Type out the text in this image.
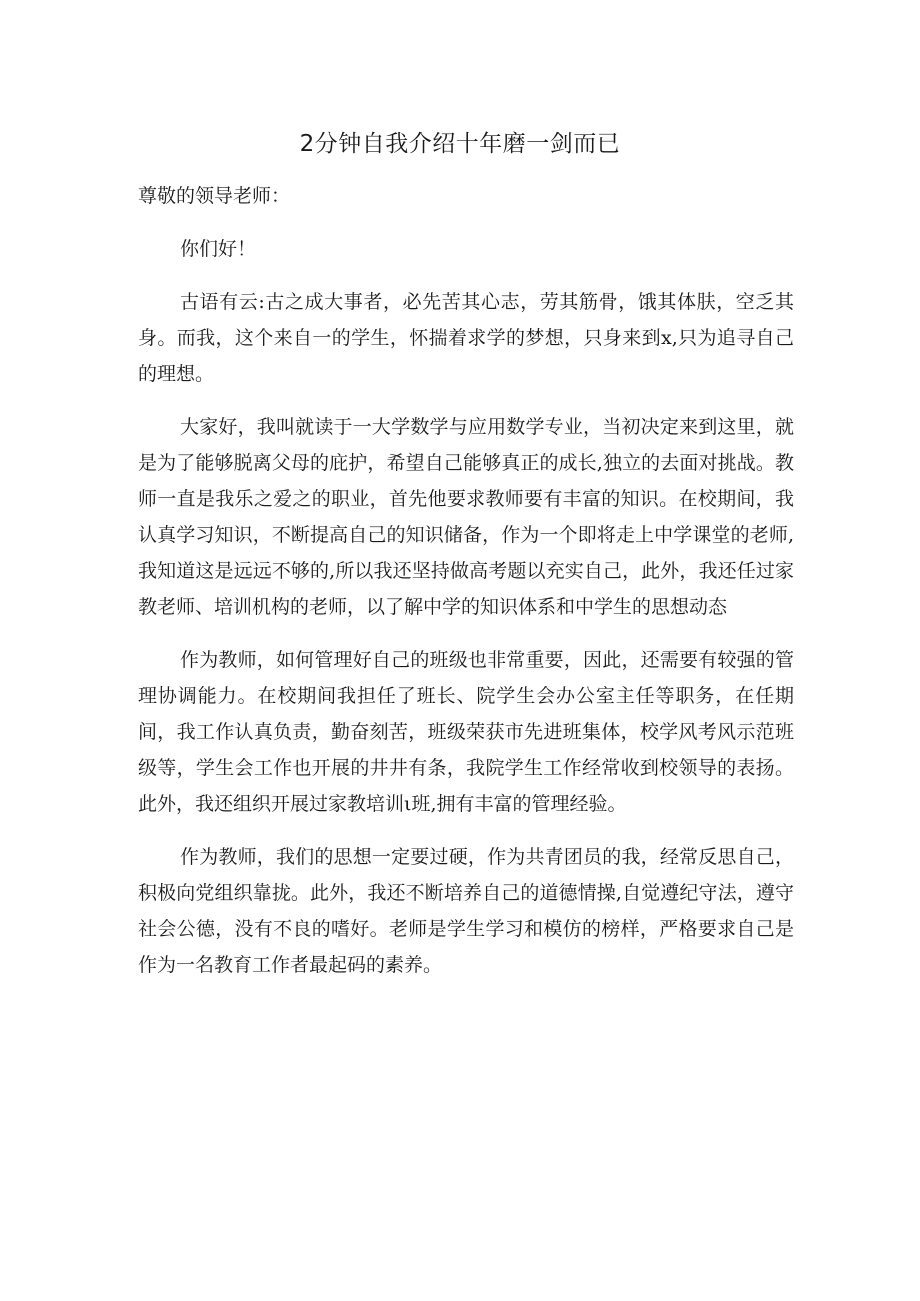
2分钟自我介绍十年磨一剑而已

尊敬的领导老师：

你们好！

古语有云:古之成大事者，必先苦其心志，劳其筋骨，饿其体肤，空乏其身。而我，这个来自一的学生，怀揣着求学的梦想，只身来到x,只为追寻自己的理想。

大家好，我叫就读于一大学数学与应用数学专业，当初决定来到这里，就是为了能够脱离父母的庇护，希望自己能够真正的成长,独立的去面对挑战。教师一直是我乐之爱之的职业，首先他要求教师要有丰富的知识。在校期间，我认真学习知识，不断提高自己的知识储备，作为一个即将走上中学课堂的老师,我知道这是远远不够的,所以我还坚持做高考题以充实自己，此外，我还任过家教老师、培训机构的老师，以了解中学的知识体系和中学生的思想动态

作为教师，如何管理好自己的班级也非常重要，因此，还需要有较强的管理协调能力。在校期间我担任了班长、院学生会办公室主任等职务，在任期间，我工作认真负责，勤奋刻苦，班级荣获市先进班集体，校学风考风示范班级等，学生会工作也开展的井井有条，我院学生工作经常收到校领导的表扬。此外，我还组织开展过家教培训ι班,拥有丰富的管理经验。

作为教师，我们的思想一定要过硬，作为共青团员的我，经常反思自己，积极向党组织靠拢。此外，我还不断培养自己的道德情操,自觉遵纪守法，遵守社会公德，没有不良的嗜好。老师是学生学习和模仿的榜样，严格要求自己是作为一名教育工作者最起码的素养。
